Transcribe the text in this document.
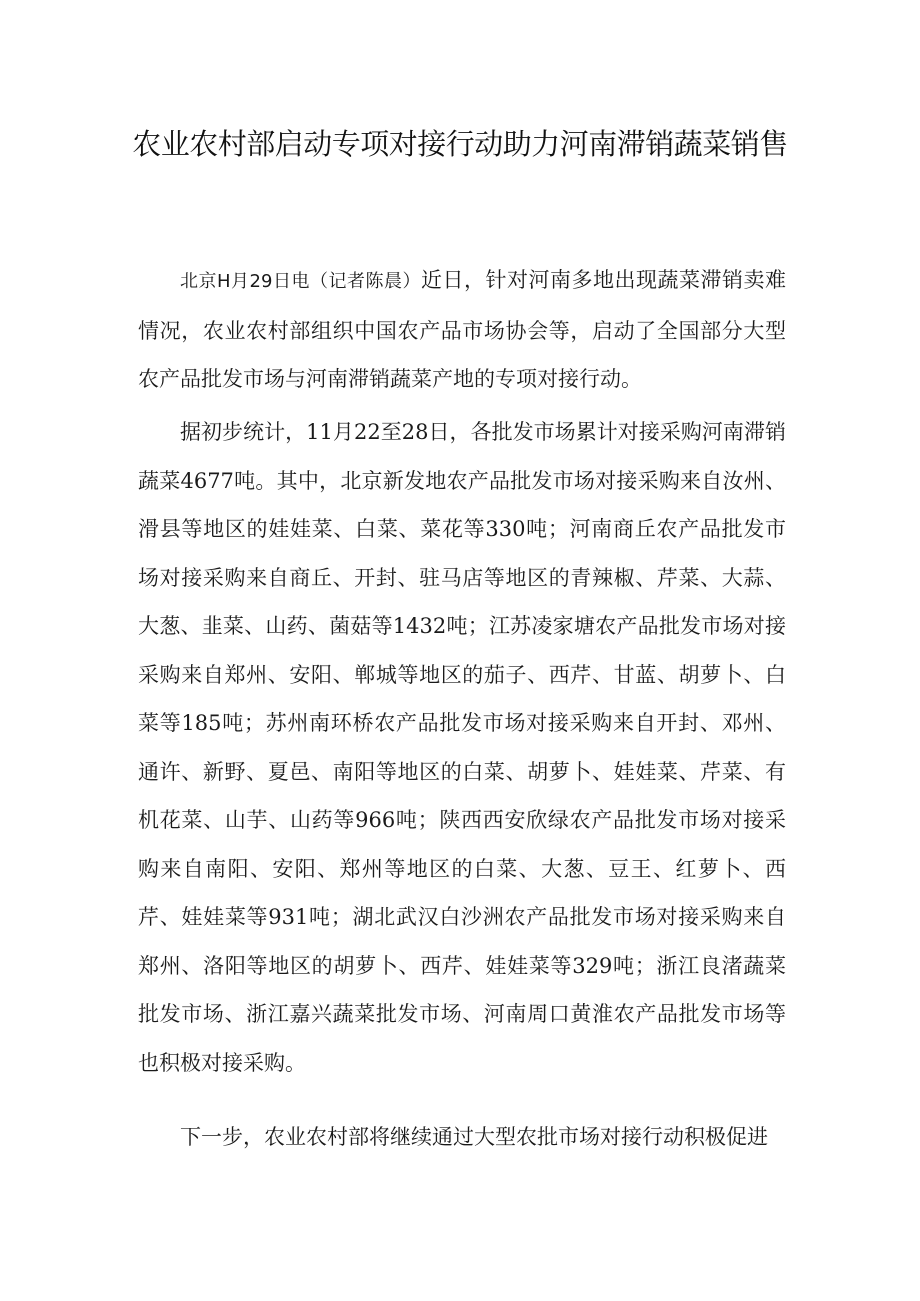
农业农村部启动专项对接行动助力河南滞销蔬菜销售

北京H月29日电（记者陈晨）近日，针对河南多地出现蔬菜滞销卖难情况，农业农村部组织中国农产品市场协会等，启动了全国部分大型农产品批发市场与河南滞销蔬菜产地的专项对接行动。

据初步统计，11月22至28日，各批发市场累计对接采购河南滞销蔬菜4677吨。其中，北京新发地农产品批发市场对接采购来自汝州、滑县等地区的娃娃菜、白菜、菜花等330吨；河南商丘农产品批发市场对接采购来自商丘、开封、驻马店等地区的青辣椒、芹菜、大蒜、大葱、韭菜、山药、菌菇等1432吨；江苏凌家塘农产品批发市场对接采购来自郑州、安阳、郸城等地区的茄子、西芹、甘蓝、胡萝卜、白菜等185吨；苏州南环桥农产品批发市场对接采购来自开封、邓州、通许、新野、夏邑、南阳等地区的白菜、胡萝卜、娃娃菜、芹菜、有机花菜、山芋、山药等966吨；陕西西安欣绿农产品批发市场对接采购来自南阳、安阳、郑州等地区的白菜、大葱、豆王、红萝卜、西芹、娃娃菜等931吨；湖北武汉白沙洲农产品批发市场对接采购来自郑州、洛阳等地区的胡萝卜、西芹、娃娃菜等329吨；浙江良渚蔬菜批发市场、浙江嘉兴蔬菜批发市场、河南周口黄淮农产品批发市场等也积极对接采购。

下一步，农业农村部将继续通过大型农批市场对接行动积极促进
